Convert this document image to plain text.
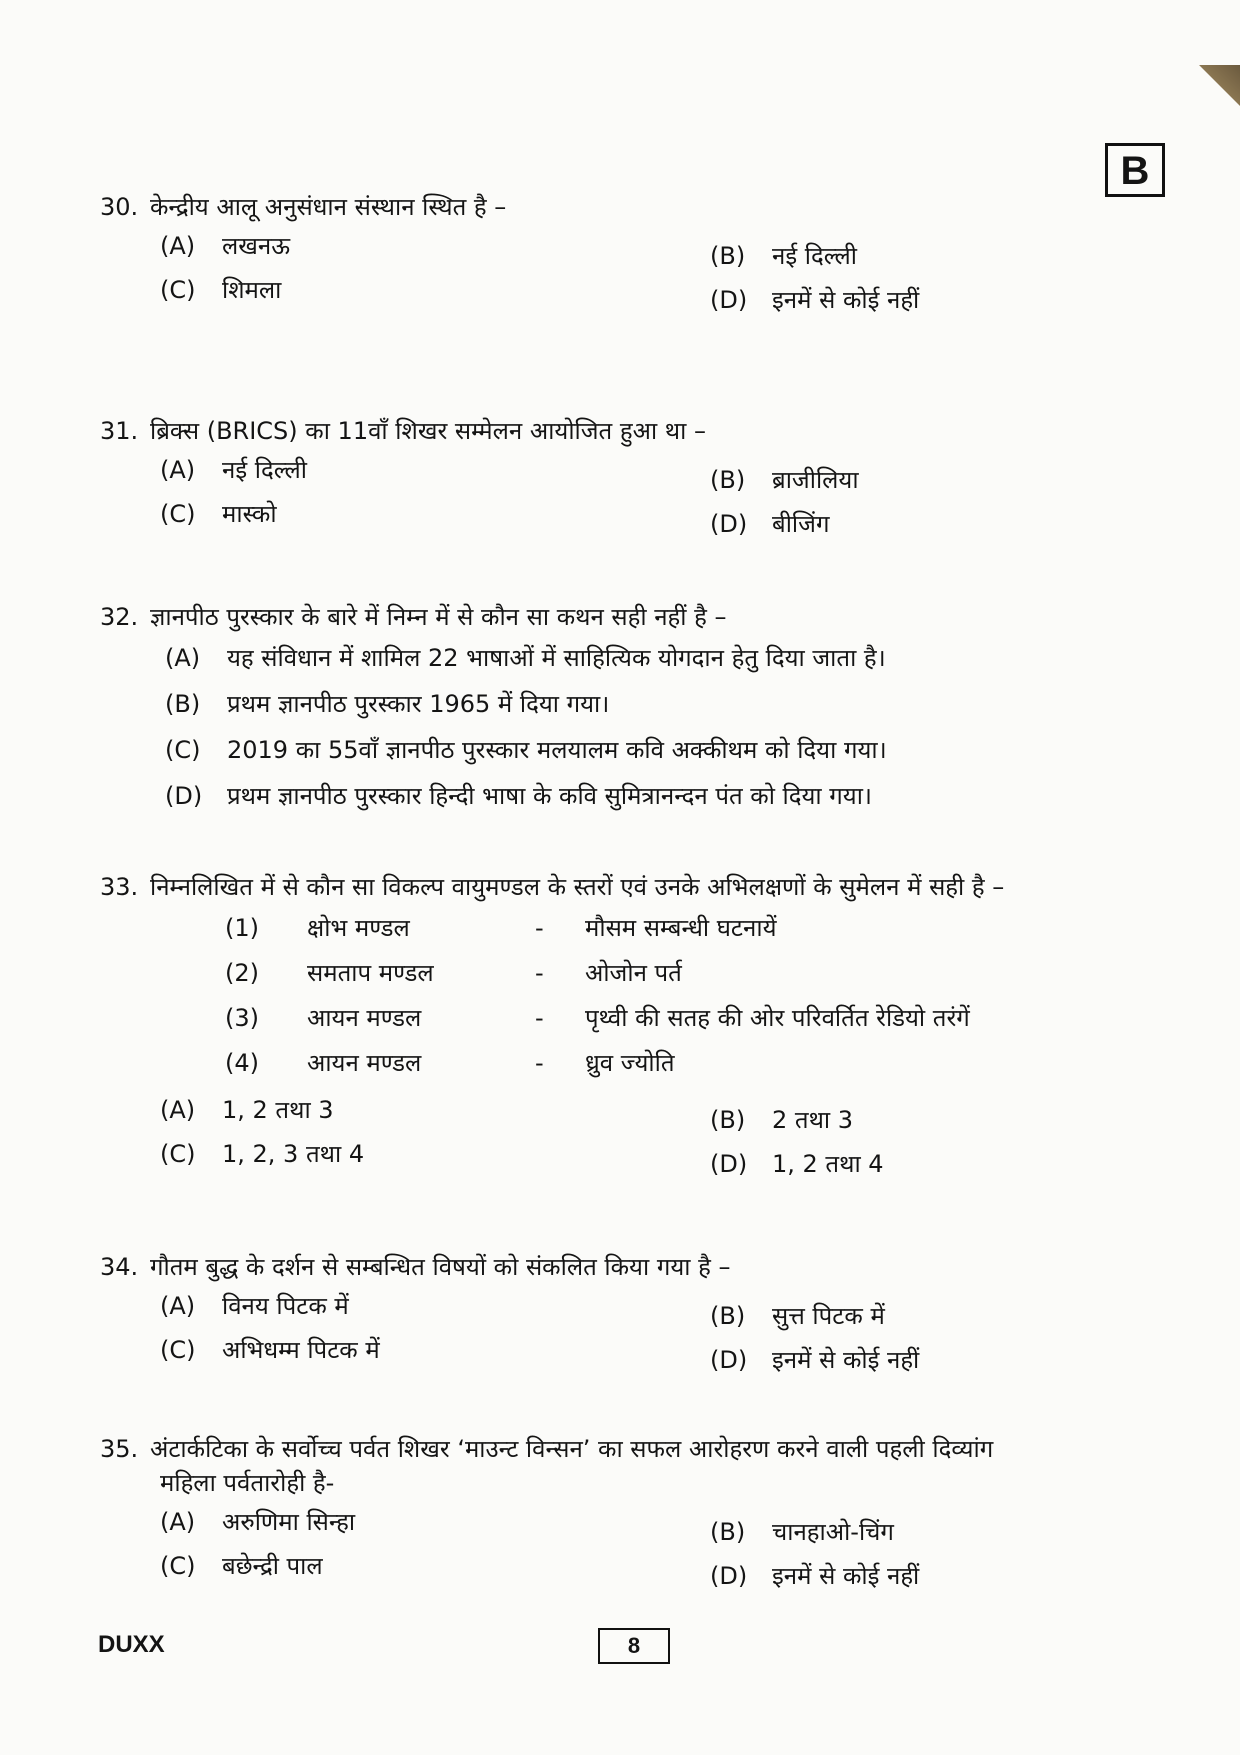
B
30. केन्द्रीय आलू अनुसंधान संस्थान स्थित है –
(A) लखनऊ	(B) नई दिल्ली
(C) शिमला	(D) इनमें से कोई नहीं
31. ब्रिक्स (BRICS) का 11वाँ शिखर सम्मेलन आयोजित हुआ था –
(A) नई दिल्ली	(B) ब्राजीलिया
(C) मास्को	(D) बीजिंग
32. ज्ञानपीठ पुरस्कार के बारे में निम्न में से कौन सा कथन सही नहीं है –
(A) यह संविधान में शामिल 22 भाषाओं में साहित्यिक योगदान हेतु दिया जाता है।
(B) प्रथम ज्ञानपीठ पुरस्कार 1965 में दिया गया।
(C) 2019 का 55वाँ ज्ञानपीठ पुरस्कार मलयालम कवि अक्कीथम को दिया गया।
(D) प्रथम ज्ञानपीठ पुरस्कार हिन्दी भाषा के कवि सुमित्रानन्दन पंत को दिया गया।
33. निम्नलिखित में से कौन सा विकल्प वायुमण्डल के स्तरों एवं उनके अभिलक्षणों के सुमेलन में सही है –
(1) क्षोभ मण्डल	- मौसम सम्बन्धी घटनायें
(2) समताप मण्डल	- ओजोन पर्त
(3) आयन मण्डल	- पृथ्वी की सतह की ओर परिवर्तित रेडियो तरंगें
(4) आयन मण्डल	- ध्रुव ज्योति
(A) 1, 2 तथा 3	(B) 2 तथा 3
(C) 1, 2, 3 तथा 4	(D) 1, 2 तथा 4
34. गौतम बुद्ध के दर्शन से सम्बन्धित विषयों को संकलित किया गया है –
(A) विनय पिटक में	(B) सुत्त पिटक में
(C) अभिधम्म पिटक में	(D) इनमें से कोई नहीं
35. अंटार्कटिका के सर्वोच्च पर्वत शिखर ‘माउन्ट विन्सन’ का सफल आरोहरण करने वाली पहली दिव्यांग
महिला पर्वतारोही है-
(A) अरुणिमा सिन्हा	(B) चानहाओ-चिंग
(C) बछेन्द्री पाल	(D) इनमें से कोई नहीं
DUXX	8
